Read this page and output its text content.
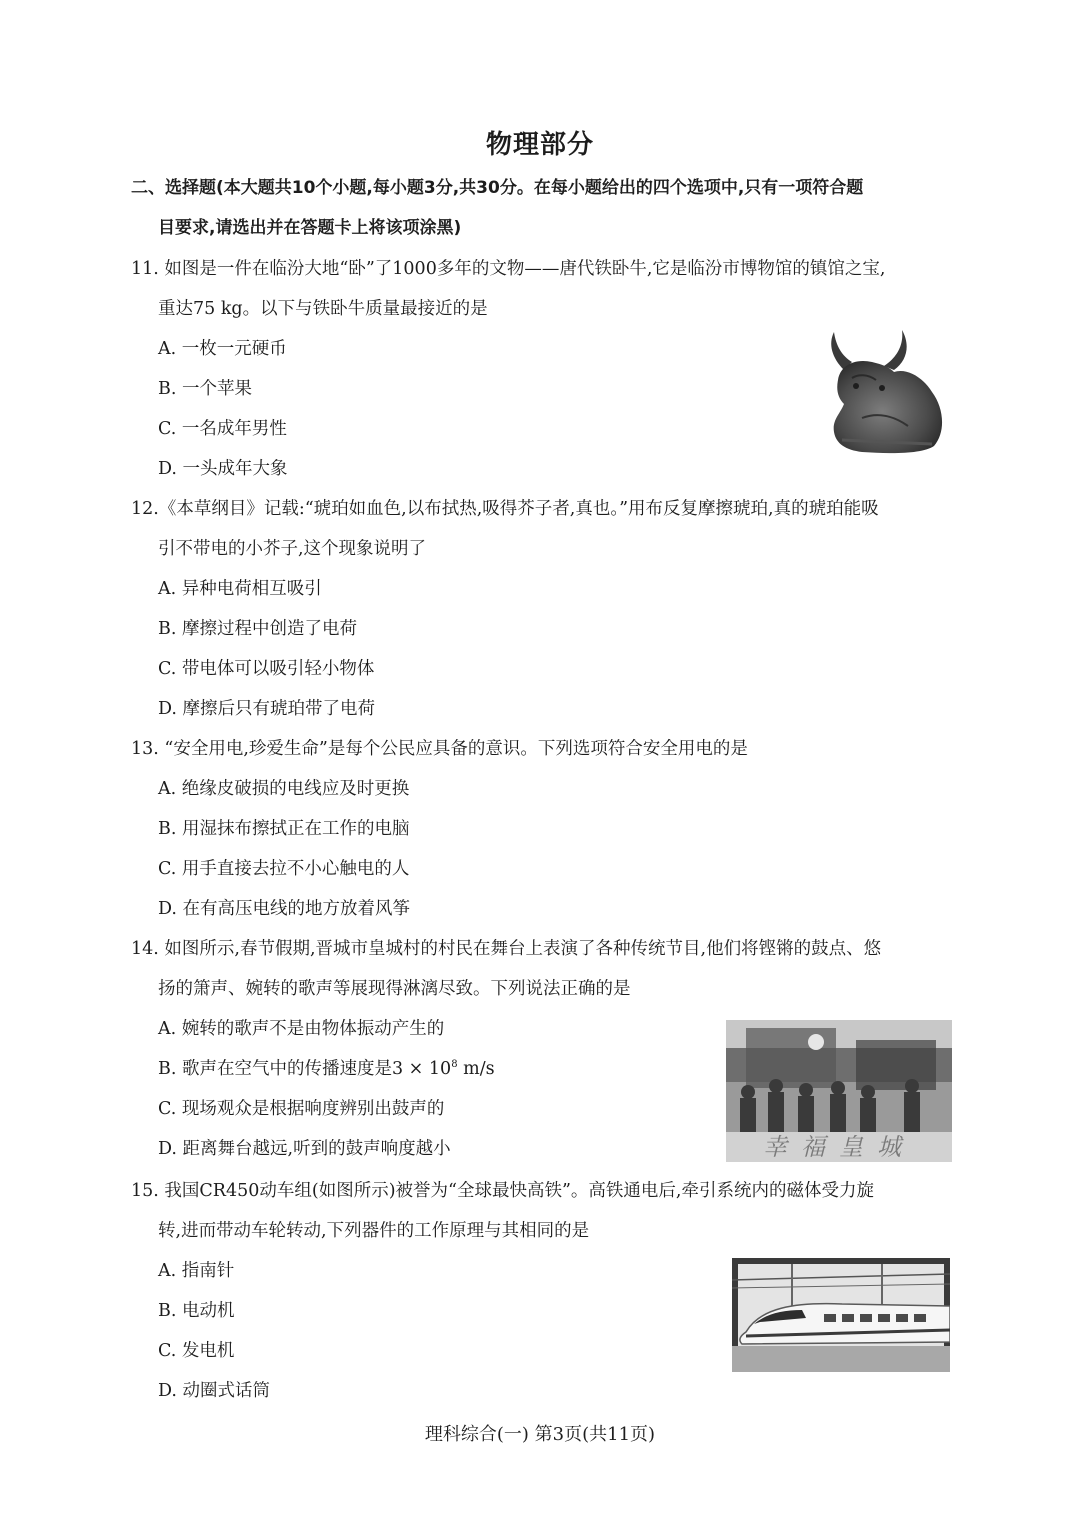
物理部分
二、选择题(本大题共10个小题,每小题3分,共30分。在每小题给出的四个选项中,只有一项符合题
目要求,请选出并在答题卡上将该项涂黑)
11. 如图是一件在临汾大地“卧”了1000多年的文物——唐代铁卧牛,它是临汾市博物馆的镇馆之宝,
重达75 kg。以下与铁卧牛质量最接近的是
A. 一枚一元硬币
B. 一个苹果
C. 一名成年男性
D. 一头成年大象
12.《本草纲目》记载:“琥珀如血色,以布拭热,吸得芥子者,真也。”用布反复摩擦琥珀,真的琥珀能吸
引不带电的小芥子,这个现象说明了
A. 异种电荷相互吸引
B. 摩擦过程中创造了电荷
C. 带电体可以吸引轻小物体
D. 摩擦后只有琥珀带了电荷
13. “安全用电,珍爱生命”是每个公民应具备的意识。下列选项符合安全用电的是
A. 绝缘皮破损的电线应及时更换
B. 用湿抹布擦拭正在工作的电脑
C. 用手直接去拉不小心触电的人
D. 在有高压电线的地方放着风筝
14. 如图所示,春节假期,晋城市皇城村的村民在舞台上表演了各种传统节目,他们将铿锵的鼓点、悠
扬的箫声、婉转的歌声等展现得淋漓尽致。下列说法正确的是
A. 婉转的歌声不是由物体振动产生的
B. 歌声在空气中的传播速度是$3 \times 10^8$ m/s
C. 现场观众是根据响度辨别出鼓声的
D. 距离舞台越远,听到的鼓声响度越小	幸福皇城
15. 我国CR450动车组(如图所示)被誉为“全球最快高铁”。高铁通电后,牵引系统内的磁体受力旋
转,进而带动车轮转动,下列器件的工作原理与其相同的是
A. 指南针
B. 电动机
C. 发电机
D. 动圈式话筒
理科综合(一) 第3页(共11页)
